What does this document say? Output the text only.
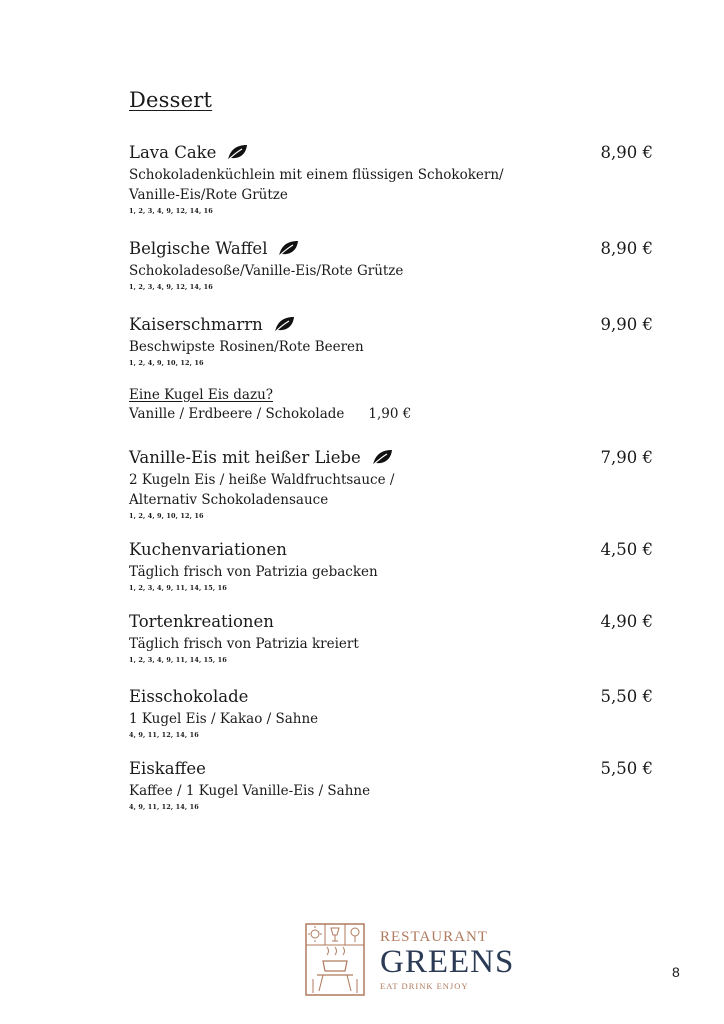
Dessert
Lava Cake	8,90 €
Schokoladenküchlein mit einem flüssigen Schokokern/
Vanille-Eis/Rote Grütze
1, 2, 3, 4, 9, 12, 14, 16
Belgische Waffel	8,90 €
Schokoladesoße/Vanille-Eis/Rote Grütze
1, 2, 3, 4, 9, 12, 14, 16
Kaiserschmarrn	9,90 €
Beschwipste Rosinen/Rote Beeren
1, 2, 4, 9, 10, 12, 16
Eine Kugel Eis dazu?
Vanille / Erdbeere / Schokolade 1,90 €
Vanille-Eis mit heißer Liebe	7,90 €
2 Kugeln Eis / heiße Waldfruchtsauce /
Alternativ Schokoladensauce
1, 2, 4, 9, 10, 12, 16
Kuchenvariationen	4,50 €
Täglich frisch von Patrizia gebacken
1, 2, 3, 4, 9, 11, 14, 15, 16
Tortenkreationen	4,90 €
Täglich frisch von Patrizia kreiert
1, 2, 3, 4, 9, 11, 14, 15, 16
Eisschokolade	5,50 €
1 Kugel Eis / Kakao / Sahne
4, 9, 11, 12, 14, 16
Eiskaffee	5,50 €
Kaffee / 1 Kugel Vanille-Eis / Sahne
4, 9, 11, 12, 14, 16
RESTAURANT
GREENS
EAT DRINK ENJOY
8
